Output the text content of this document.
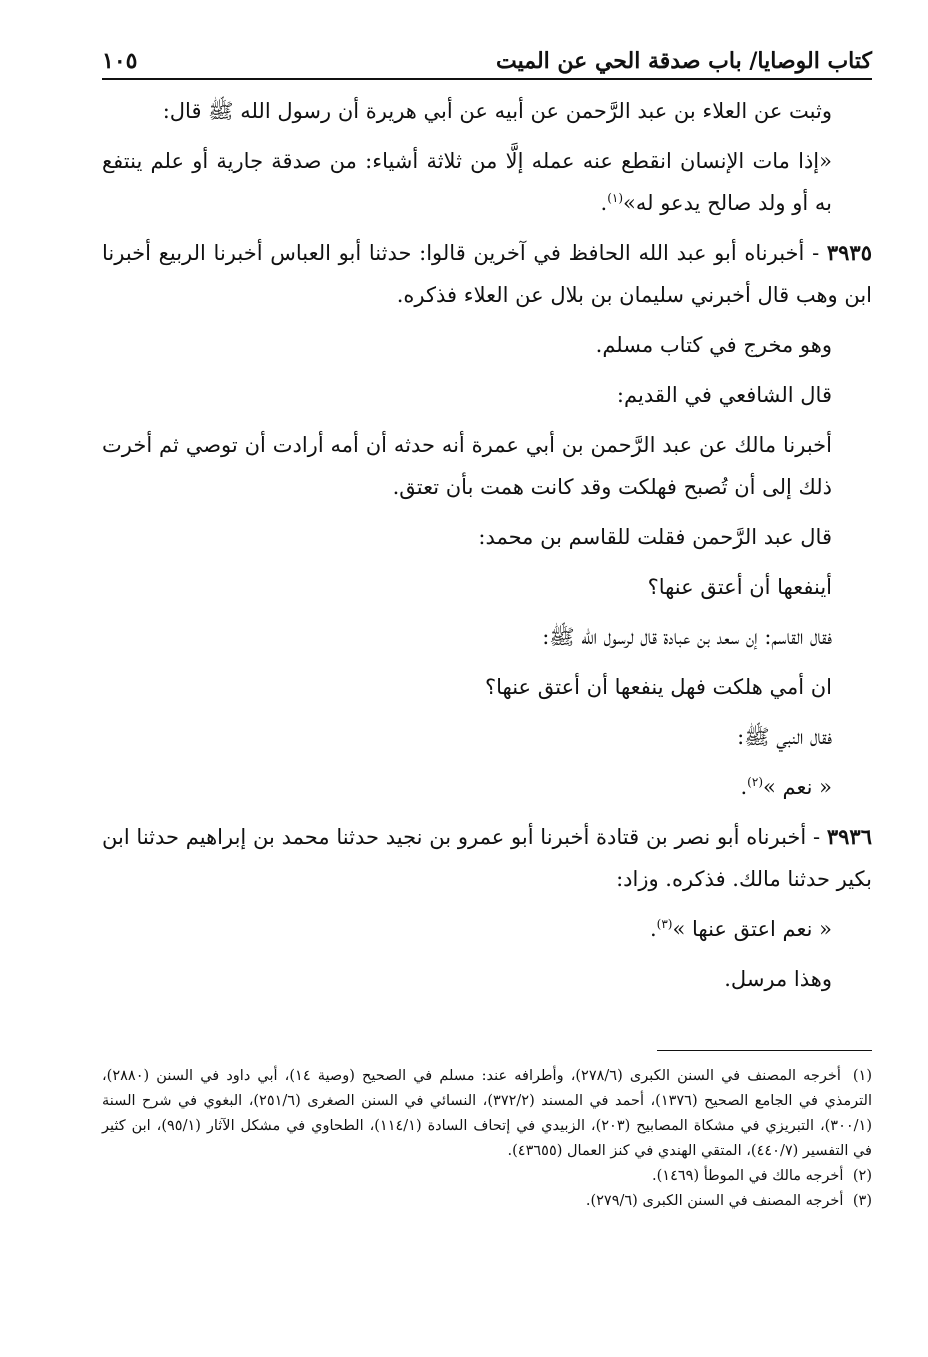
كتاب الوصايا/ باب صدقة الحي عن الميت
١٠٥

وثبت عن العلاء بن عبد الرَّحمن عن أبيه عن أبي هريرة أن رسول الله ﷺ قال:

«إذا مات الإنسان انقطع عنه عمله إلَّا من ثلاثة أشياء: من صدقة جارية أو علم ينتفع به أو ولد صالح يدعو له»$^{(١)}$.

٣٩٣٥ - أخبرناه أبو عبد الله الحافظ في آخرين قالوا: حدثنا أبو العباس أخبرنا الربيع أخبرنا ابن وهب قال أخبرني سليمان بن بلال عن العلاء فذكره.

وهو مخرج في كتاب مسلم.

قال الشافعي في القديم:

أخبرنا مالك عن عبد الرَّحمن بن أبي عمرة أنه حدثه أن أمه أرادت أن توصي ثم أخرت ذلك إلى أن تُصبح فهلكت وقد كانت همت بأن تعتق.

قال عبد الرَّحمن فقلت للقاسم بن محمد:

أينفعها أن أعتق عنها؟

فقال القاسم: إن سعد بن عبادة قال لرسول الله ﷺ:

ان أمي هلكت فهل ينفعها أن أعتق عنها؟

فقال النبي ﷺ:

« نعم »$^{(٢)}$.

٣٩٣٦ - أخبرناه أبو نصر بن قتادة أخبرنا أبو عمرو بن نجيد حدثنا محمد بن إبراهيم حدثنا ابن بكير حدثنا مالك. فذكره. وزاد:

« نعم اعتق عنها »$^{(٣)}$.

وهذا مرسل.

(١) أخرجه المصنف في السنن الكبرى (٢٧٨/٦)، وأطرافه عند: مسلم في الصحيح (وصية ١٤)، أبي داود في السنن (٢٨٨٠)، الترمذي في الجامع الصحيح (١٣٧٦)، أحمد في المسند (٣٧٢/٢)، النسائي في السنن الصغرى (٢٥١/٦)، البغوي في شرح السنة (٣٠٠/١)، التبريزي في مشكاة المصابيح (٢٠٣)، الزبيدي في إتحاف السادة (١١٤/١)، الطحاوي في مشكل الآثار (٩٥/١)، ابن كثير في التفسير (٤٤٠/٧)، المتقي الهندي في كنز العمال (٤٣٦٥٥).

(٢) أخرجه مالك في الموطأ (١٤٦٩).

(٣) أخرجه المصنف في السنن الكبرى (٢٧٩/٦).
